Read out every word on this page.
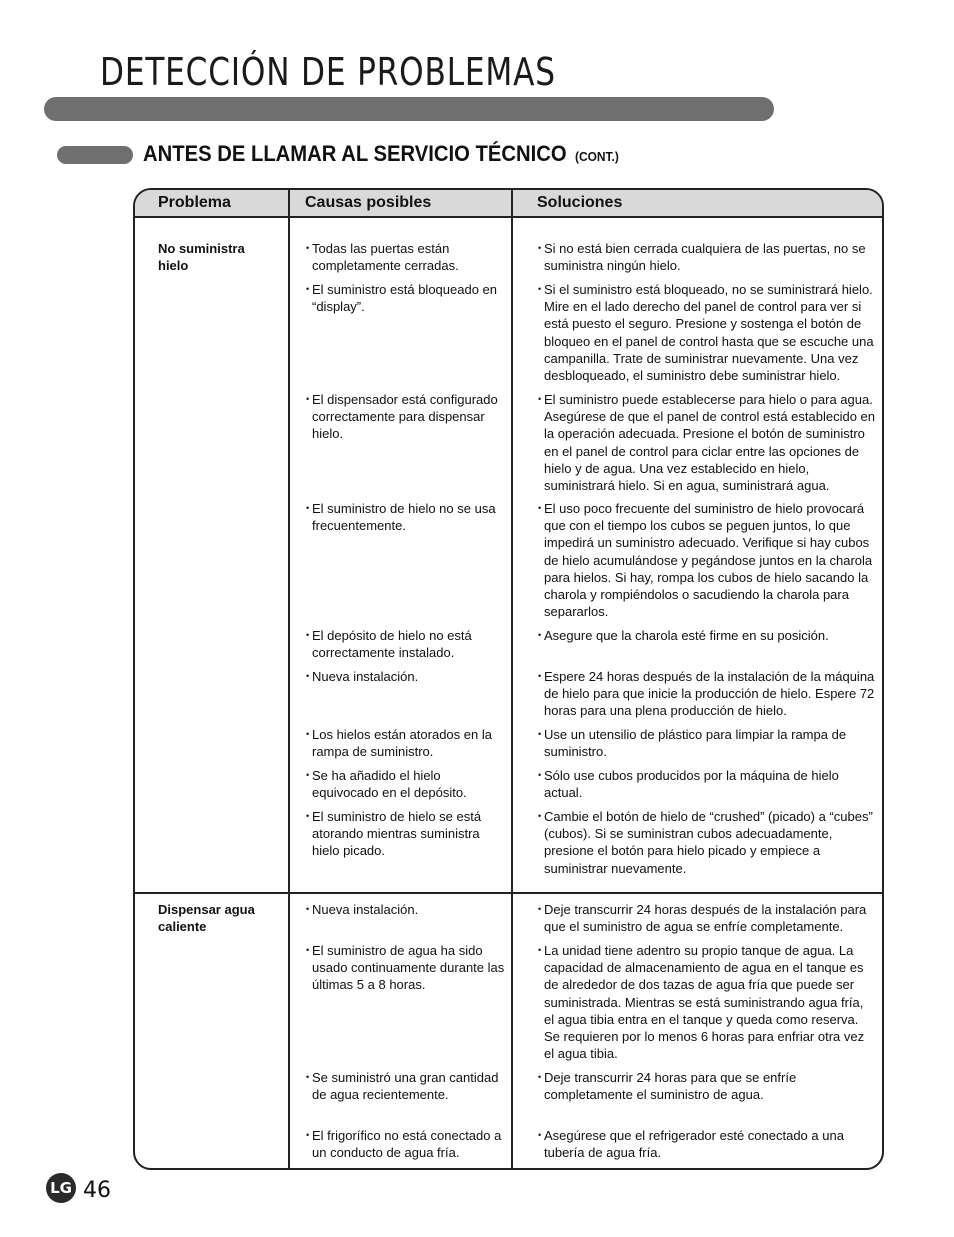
DETECCIÓN DE PROBLEMAS
ANTES DE LLAMAR AL SERVICIO TÉCNICO (CONT.)
Problema	Causas posibles	Soluciones
No suministra hielo
Dispensar agua caliente
• Todas las puertas están completamente cerradas.
• El suministro está bloqueado en “display”.
• El dispensador está configurado correctamente para dispensar hielo.
• El suministro de hielo no se usa frecuentemente.
• El depósito de hielo no está correctamente instalado.
• Nueva instalación.
• Los hielos están atorados en la rampa de suministro.
• Se ha añadido el hielo equivocado en el depósito.
• El suministro de hielo se está atorando mientras suministra hielo picado.
• Nueva instalación.
• El suministro de agua ha sido usado continuamente durante las últimas 5 a 8 horas.
• Se suministró una gran cantidad de agua recientemente.
• El frigorífico no está conectado a un conducto de agua fría.
• Si no está bien cerrada cualquiera de las puertas, no se suministra ningún hielo.
• Si el suministro está bloqueado, no se suministrará hielo. Mire en el lado derecho del panel de control para ver si está puesto el seguro. Presione y sostenga el botón de bloqueo en el panel de control hasta que se escuche una campanilla. Trate de suministrar nuevamente. Una vez desbloqueado, el suministro debe suministrar hielo.
• El suministro puede establecerse para hielo o para agua. Asegúrese de que el panel de control está establecido en la operación adecuada. Presione el botón de suministro en el panel de control para ciclar entre las opciones de hielo y de agua. Una vez establecido en hielo, suministrará hielo. Si en agua, suministrará agua.
• El uso poco frecuente del suministro de hielo provocará que con el tiempo los cubos se peguen juntos, lo que impedirá un suministro adecuado. Verifique si hay cubos de hielo acumulándose y pegándose juntos en la charola para hielos. Si hay, rompa los cubos de hielo sacando la charola y rompiéndolos o sacudiendo la charola para separarlos.
• Asegure que la charola esté firme en su posición.
• Espere 24 horas después de la instalación de la máquina de hielo para que inicie la producción de hielo. Espere 72 horas para una plena producción de hielo.
• Use un utensilio de plástico para limpiar la rampa de suministro.
• Sólo use cubos producidos por la máquina de hielo actual.
• Cambie el botón de hielo de “crushed” (picado) a “cubes” (cubos). Si se suministran cubos adecuadamente, presione el botón para hielo picado y empiece a suministrar nuevamente.
• Deje transcurrir 24 horas después de la instalación para que el suministro de agua se enfríe completamente.
• La unidad tiene adentro su propio tanque de agua. La capacidad de almacenamiento de agua en el tanque es de alrededor de dos tazas de agua fría que puede ser suministrada. Mientras se está suministrando agua fría, el agua tibia entra en el tanque y queda como reserva. Se requieren por lo menos 6 horas para enfriar otra vez el agua tibia.
• Deje transcurrir 24 horas para que se enfríe completamente el suministro de agua.
• Asegúrese que el refrigerador esté conectado a una tubería de agua fría.
LG 46
